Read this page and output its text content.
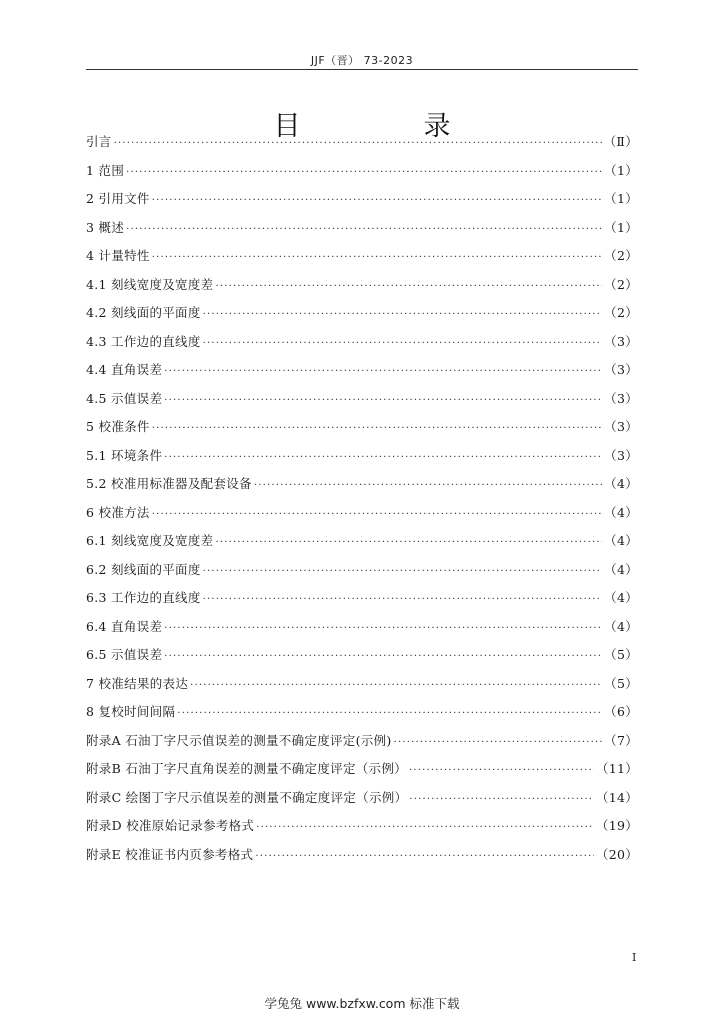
JJF（晋） 73-2023
目　录
引言 ·····	（Ⅱ）
1 范围 ·····	（1）
2 引用文件 ·····	（1）
3 概述 ·····	（1）
4 计量特性 ·····	（2）
4.1 刻线宽度及宽度差 ·····	（2）
4.2 刻线面的平面度 ·····	（2）
4.3 工作边的直线度 ·····	（3）
4.4 直角误差 ·····	（3）
4.5 示值误差 ·····	（3）
5 校准条件 ·····	（3）
5.1 环境条件 ·····	（3）
5.2 校准用标准器及配套设备 ·····	（4）
6 校准方法 ·····	（4）
6.1 刻线宽度及宽度差 ·····	（4）
6.2 刻线面的平面度 ·····	（4）
6.3 工作边的直线度 ·····	（4）
6.4 直角误差 ·····	（4）
6.5 示值误差 ·····	（5）
7 校准结果的表达 ·····	（5）
8 复校时间间隔 ·····	（6）
附录A 石油丁字尺示值误差的测量不确定度评定(示例) ·····	（7）
附录B 石油丁字尺直角误差的测量不确定度评定（示例） ·····	（11）
附录C 绘图丁字尺示值误差的测量不确定度评定（示例） ·····	（14）
附录D 校准原始记录参考格式 ·····	（19）
附录E 校准证书内页参考格式 ·····	（20）
I
学兔兔 www.bzfxw.com 标准下载
